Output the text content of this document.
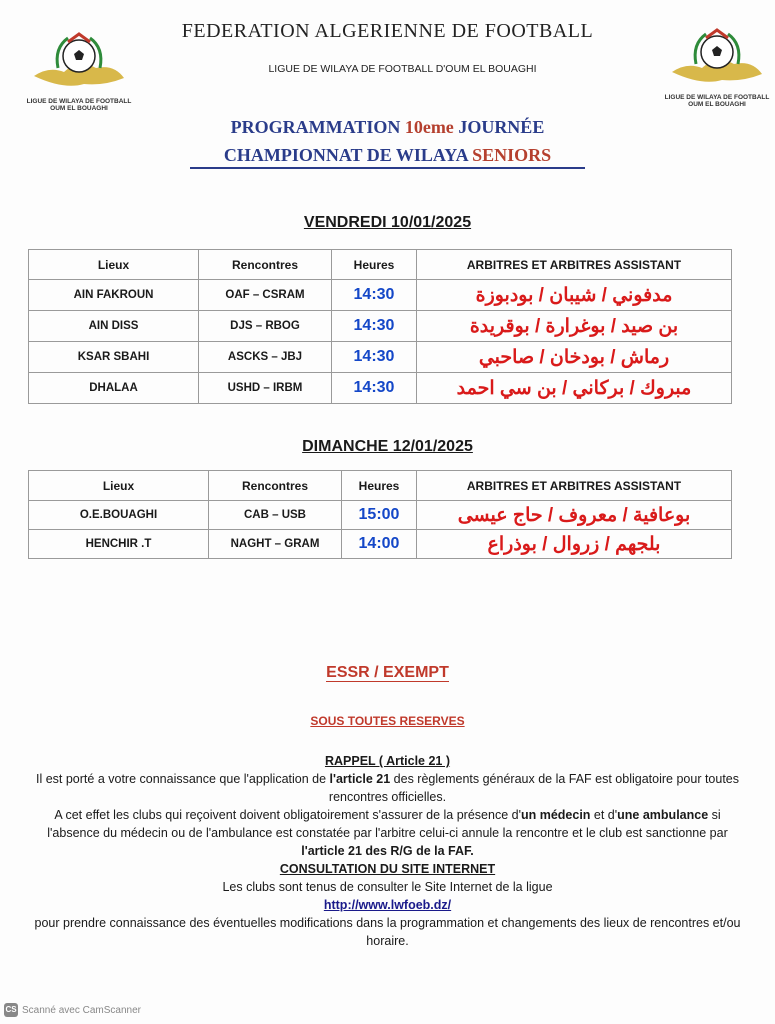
LIGUE DE WILAYA DE FOOTBALL
OUM EL BOUAGHI
LIGUE DE WILAYA DE FOOTBALL
OUM EL BOUAGHI
FEDERATION ALGERIENNE DE FOOTBALL
LIGUE DE WILAYA DE FOOTBALL D'OUM EL BOUAGHI
PROGRAMMATION 10eme JOURNÉE
CHAMPIONNAT DE WILAYA SENIORS
VENDREDI 10/01/2025
Lieux	Rencontres	Heures	ARBITRES ET ARBITRES ASSISTANT
AIN FAKROUN	OAF – CSRAM	14:30	مدفوني / شيبان / بودبوزة
AIN DISS	DJS – RBOG	14:30	بن صيد / بوغرارة / بوقريدة
KSAR SBAHI	ASCKS – JBJ	14:30	رماش / بودخان / صاحبي
DHALAA	USHD – IRBM	14:30	مبروك / بركاني / بن سي احمد
DIMANCHE 12/01/2025
Lieux	Rencontres	Heures	ARBITRES ET ARBITRES ASSISTANT
O.E.BOUAGHI	CAB – USB	15:00	بوعافية / معروف / حاج عيسى
HENCHIR .T	NAGHT – GRAM	14:00	بلجهم / زروال / بوذراع
ESSR / EXEMPT
SOUS TOUTES RESERVES
RAPPEL ( Article 21 )
Il est porté a votre connaissance que l'application de l'article 21 des règlements généraux de la FAF est obligatoire pour toutes rencontres officielles.
A cet effet les clubs qui reçoivent doivent obligatoirement s'assurer de la présence d'un médecin et d'une ambulance si l'absence du médecin ou de l'ambulance est constatée par l'arbitre celui-ci annule la rencontre et le club est sanctionne par l'article 21 des R/G de la FAF.
CONSULTATION DU SITE INTERNET
Les clubs sont tenus de consulter le Site Internet de la ligue
http://www.lwfoeb.dz/
pour prendre connaissance des éventuelles modifications dans la programmation et changements des lieux de rencontres et/ou horaire.
CS Scanné avec CamScanner
